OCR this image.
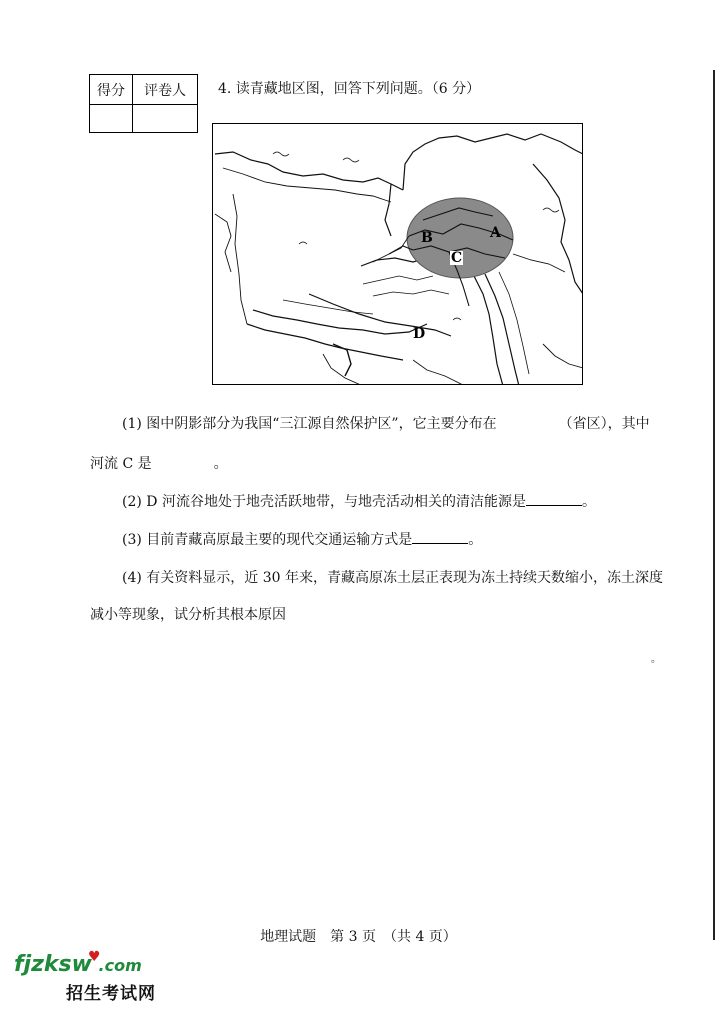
得分	评卷人
	4. 读青藏地区图，回答下列问题。（6 分）
B	A
C
D
(1) 图中阴影部分为我国“三江源自然保护区”，它主要分布在	（省区），其中
河流 C 是	。
(2) D 河流谷地处于地壳活跃地带，与地壳活动相关的清洁能源是	。
(3) 目前青藏高原最主要的现代交通运输方式是	。
(4) 有关资料显示，近 30 年来，青藏高原冻土层正表现为冻土持续天数缩小，冻土深度
减小等现象，试分析其根本原因
。
地理试题　第 3 页　（共 4 页）
fjzksw♥.com
招生考试网
